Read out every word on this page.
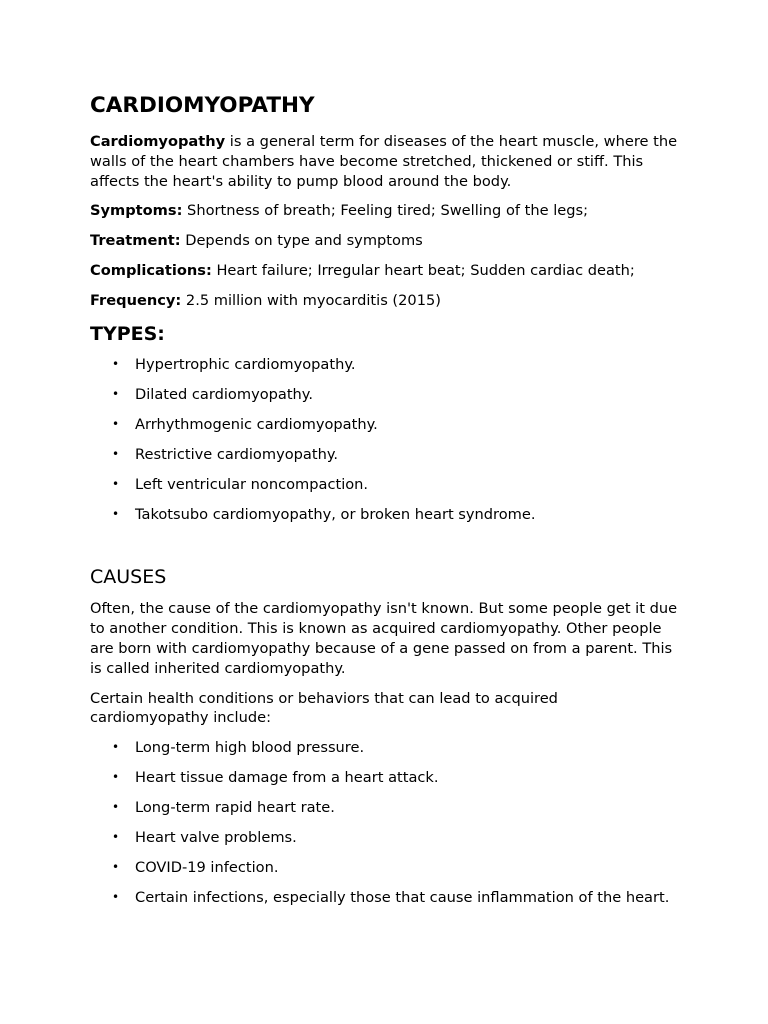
CARDIOMYOPATHY

Cardiomyopathy is a general term for diseases of the heart muscle, where the walls of the heart chambers have become stretched, thickened or stiff. This affects the heart's ability to pump blood around the body.

Symptoms: Shortness of breath; Feeling tired; Swelling of the legs;

Treatment: Depends on type and symptoms

Complications: Heart failure; Irregular heart beat; Sudden cardiac death;

Frequency: 2.5 million with myocarditis (2015)

TYPES:
• Hypertrophic cardiomyopathy.
• Dilated cardiomyopathy.
• Arrhythmogenic cardiomyopathy.
• Restrictive cardiomyopathy.
• Left ventricular noncompaction.
• Takotsubo cardiomyopathy, or broken heart syndrome.
CAUSES

Often, the cause of the cardiomyopathy isn't known. But some people get it due to another condition. This is known as acquired cardiomyopathy. Other people are born with cardiomyopathy because of a gene passed on from a parent. This is called inherited cardiomyopathy.

Certain health conditions or behaviors that can lead to acquired cardiomyopathy include:

• Long-term high blood pressure.
• Heart tissue damage from a heart attack.
• Long-term rapid heart rate.
• Heart valve problems.
• COVID-19 infection.
• Certain infections, especially those that cause inflammation of the heart.
